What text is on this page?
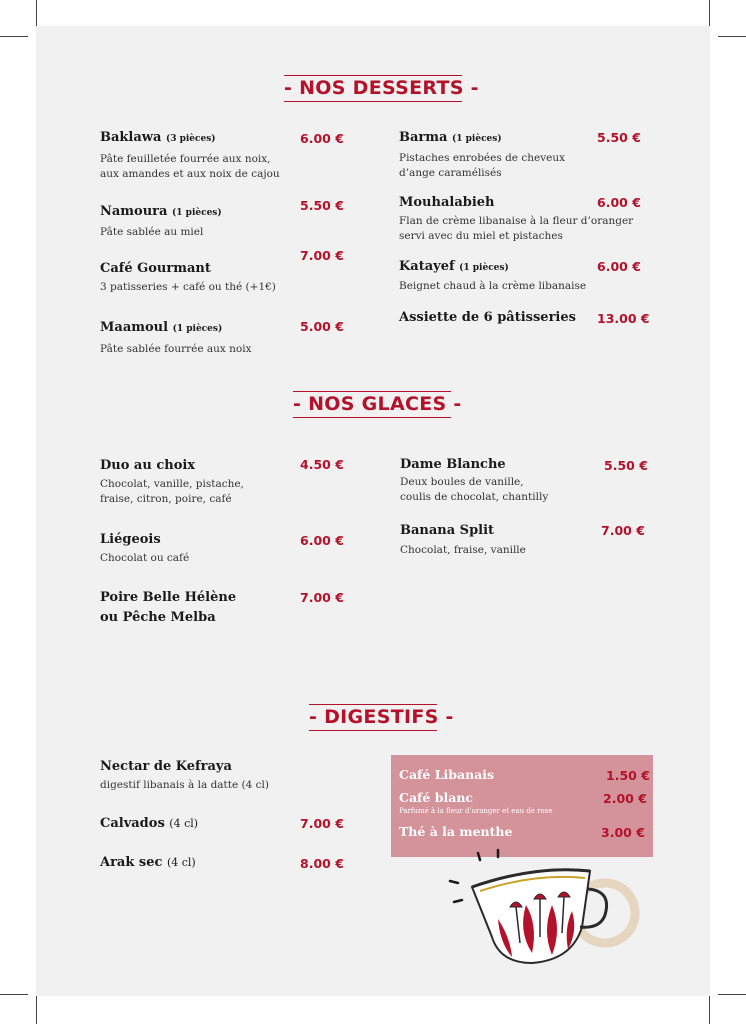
- NOS DESSERTS -
Baklawa (3 pièces)
Pâte feuilletée fourrée aux noix,
aux amandes et aux noix de cajou
6.00 €
Namoura (1 pièces)
Pâte sablée au miel
5.50 €
Café Gourmant
3 patisseries + café ou thé (+1€)
7.00 €
Maamoul (1 pièces)
Pâte sablée fourrée aux noix
5.00 €
Barma (1 pièces)
Pistaches enrobées de cheveux
d’ange caramélisés
5.50 €
Mouhalabieh
Flan de crème libanaise à la fleur d’oranger
servi avec du miel et pistaches
6.00 €
Katayef (1 pièces)
Beignet chaud à la crème libanaise
6.00 €
Assiette de 6 pâtisseries 13.00 €
- NOS GLACES -
Duo au choix
Chocolat, vanille, pistache,
fraise, citron, poire, café
4.50 €
Liégeois
Chocolat ou café
6.00 €
Poire Belle Hélène
ou Pêche Melba
7.00 €
Dame Blanche
Deux boules de vanille,
coulis de chocolat, chantilly
5.50 €
Banana Split
Chocolat, fraise, vanille
7.00 €
- DIGESTIFS -
Nectar de Kefraya
digestif libanais à la datte (4 cl)
Calvados (4 cl)	7.00 €
Arak sec (4 cl)	8.00 €
Café Libanais	1.50 €
Café blanc
Parfumé à la fleur d’oranger et eau de rose
2.00 €
Thé à la menthe	3.00 €
